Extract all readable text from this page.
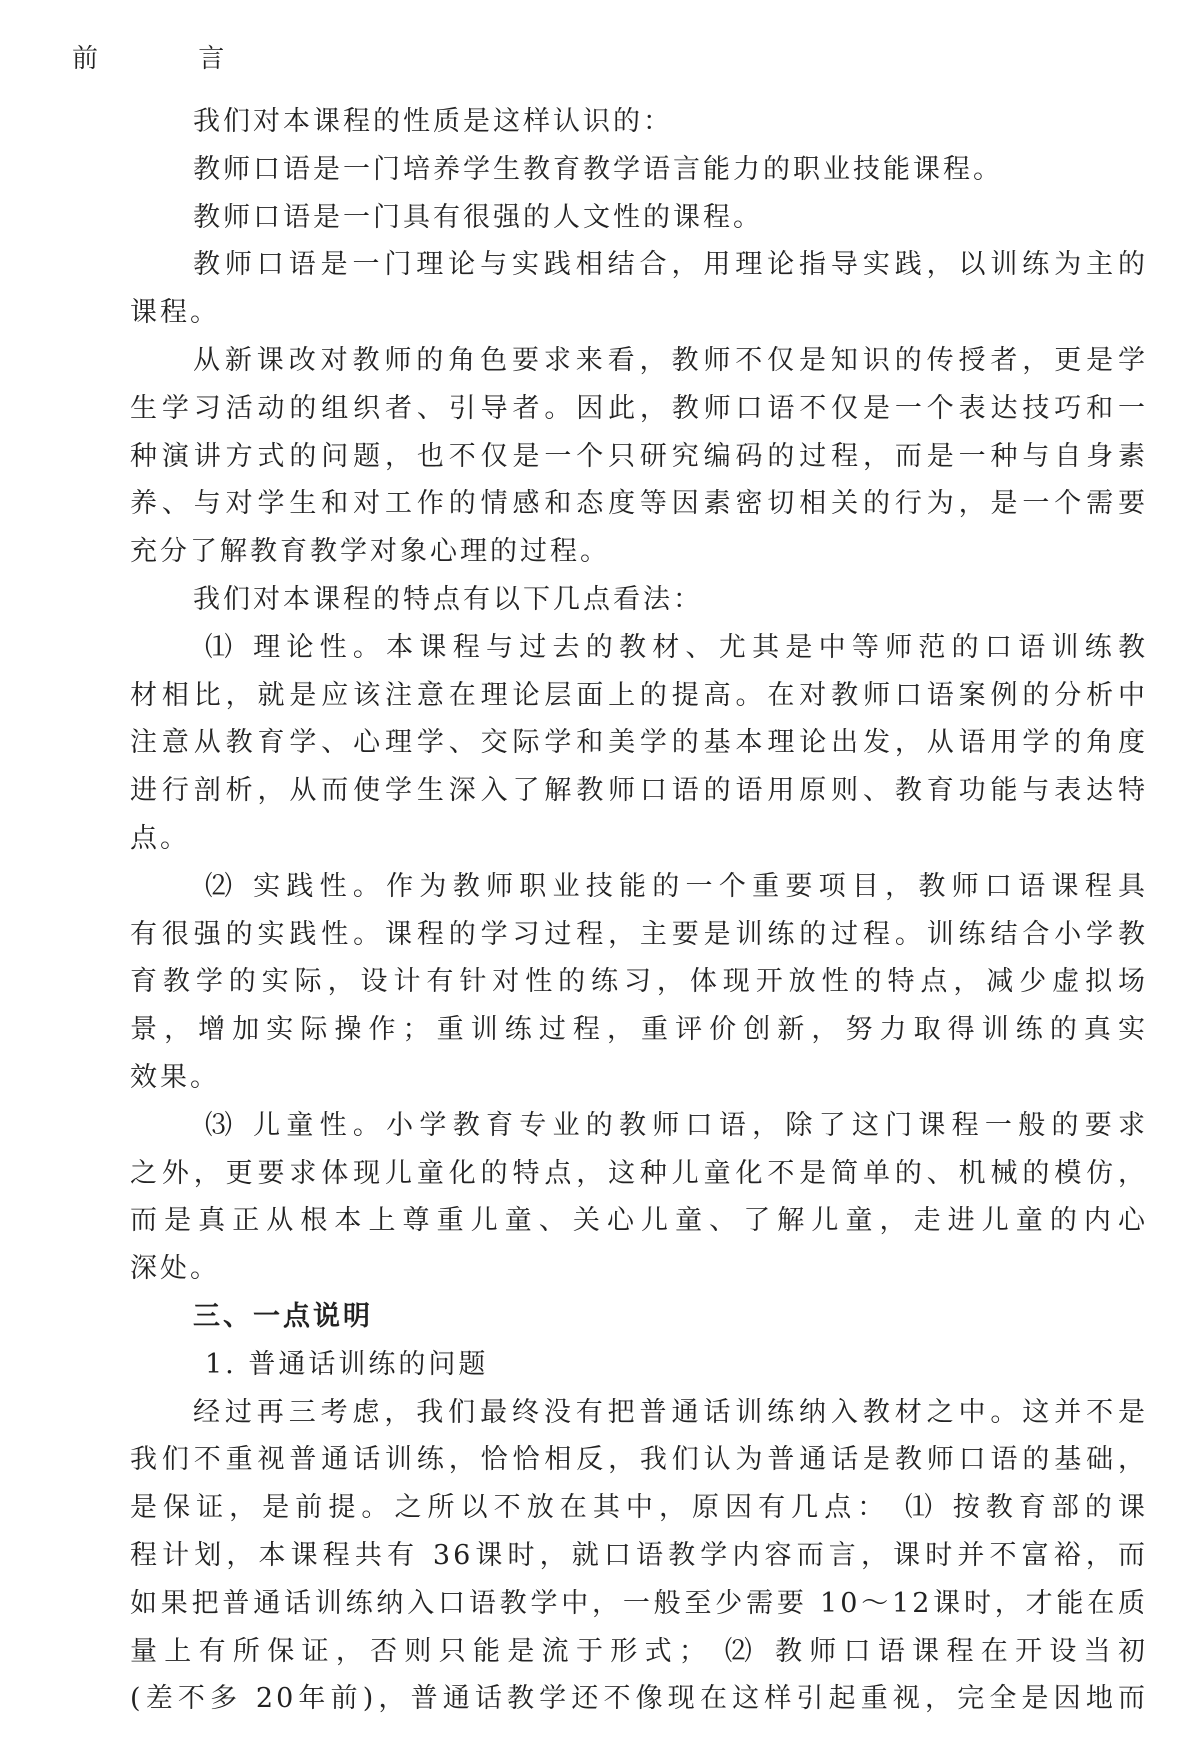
前 言
我们对本课程的性质是这样认识的：
教师口语是一门培养学生教育教学语言能力的职业技能课程。
教师口语是一门具有很强的人文性的课程。
教师口语是一门理论与实践相结合，用理论指导实践，以训练为主的
课程。
从新课改对教师的角色要求来看，教师不仅是知识的传授者，更是学
生学习活动的组织者、引导者。因此，教师口语不仅是一个表达技巧和一
种演讲方式的问题，也不仅是一个只研究编码的过程，而是一种与自身素
养、与对学生和对工作的情感和态度等因素密切相关的行为，是一个需要
充分了解教育教学对象心理的过程。
我们对本课程的特点有以下几点看法：
⑴ 理论性。本课程与过去的教材、尤其是中等师范的口语训练教
材相比，就是应该注意在理论层面上的提高。在对教师口语案例的分析中
注意从教育学、心理学、交际学和美学的基本理论出发，从语用学的角度
进行剖析，从而使学生深入了解教师口语的语用原则、教育功能与表达特
点。
⑵ 实践性。作为教师职业技能的一个重要项目，教师口语课程具
有很强的实践性。课程的学习过程，主要是训练的过程。训练结合小学教
育教学的实际，设计有针对性的练习，体现开放性的特点，减少虚拟场
景，增加实际操作；重训练过程，重评价创新，努力取得训练的真实
效果。
⑶ 儿童性。小学教育专业的教师口语，除了这门课程一般的要求
之外，更要求体现儿童化的特点，这种儿童化不是简单的、机械的模仿，
而是真正从根本上尊重儿童、关心儿童、了解儿童，走进儿童的内心
深处。
三、一点说明
1. 普通话训练的问题
经过再三考虑，我们最终没有把普通话训练纳入教材之中。这并不是
我们不重视普通话训练，恰恰相反，我们认为普通话是教师口语的基础，
是保证，是前提。之所以不放在其中，原因有几点： ⑴ 按教育部的课
程计划，本课程共有 36课时，就口语教学内容而言，课时并不富裕，而
如果把普通话训练纳入口语教学中，一般至少需要 10～12课时，才能在质
量上有所保证，否则只能是流于形式； ⑵ 教师口语课程在开设当初
(差不多 20年前)，普通话教学还不像现在这样引起重视，完全是因地而
